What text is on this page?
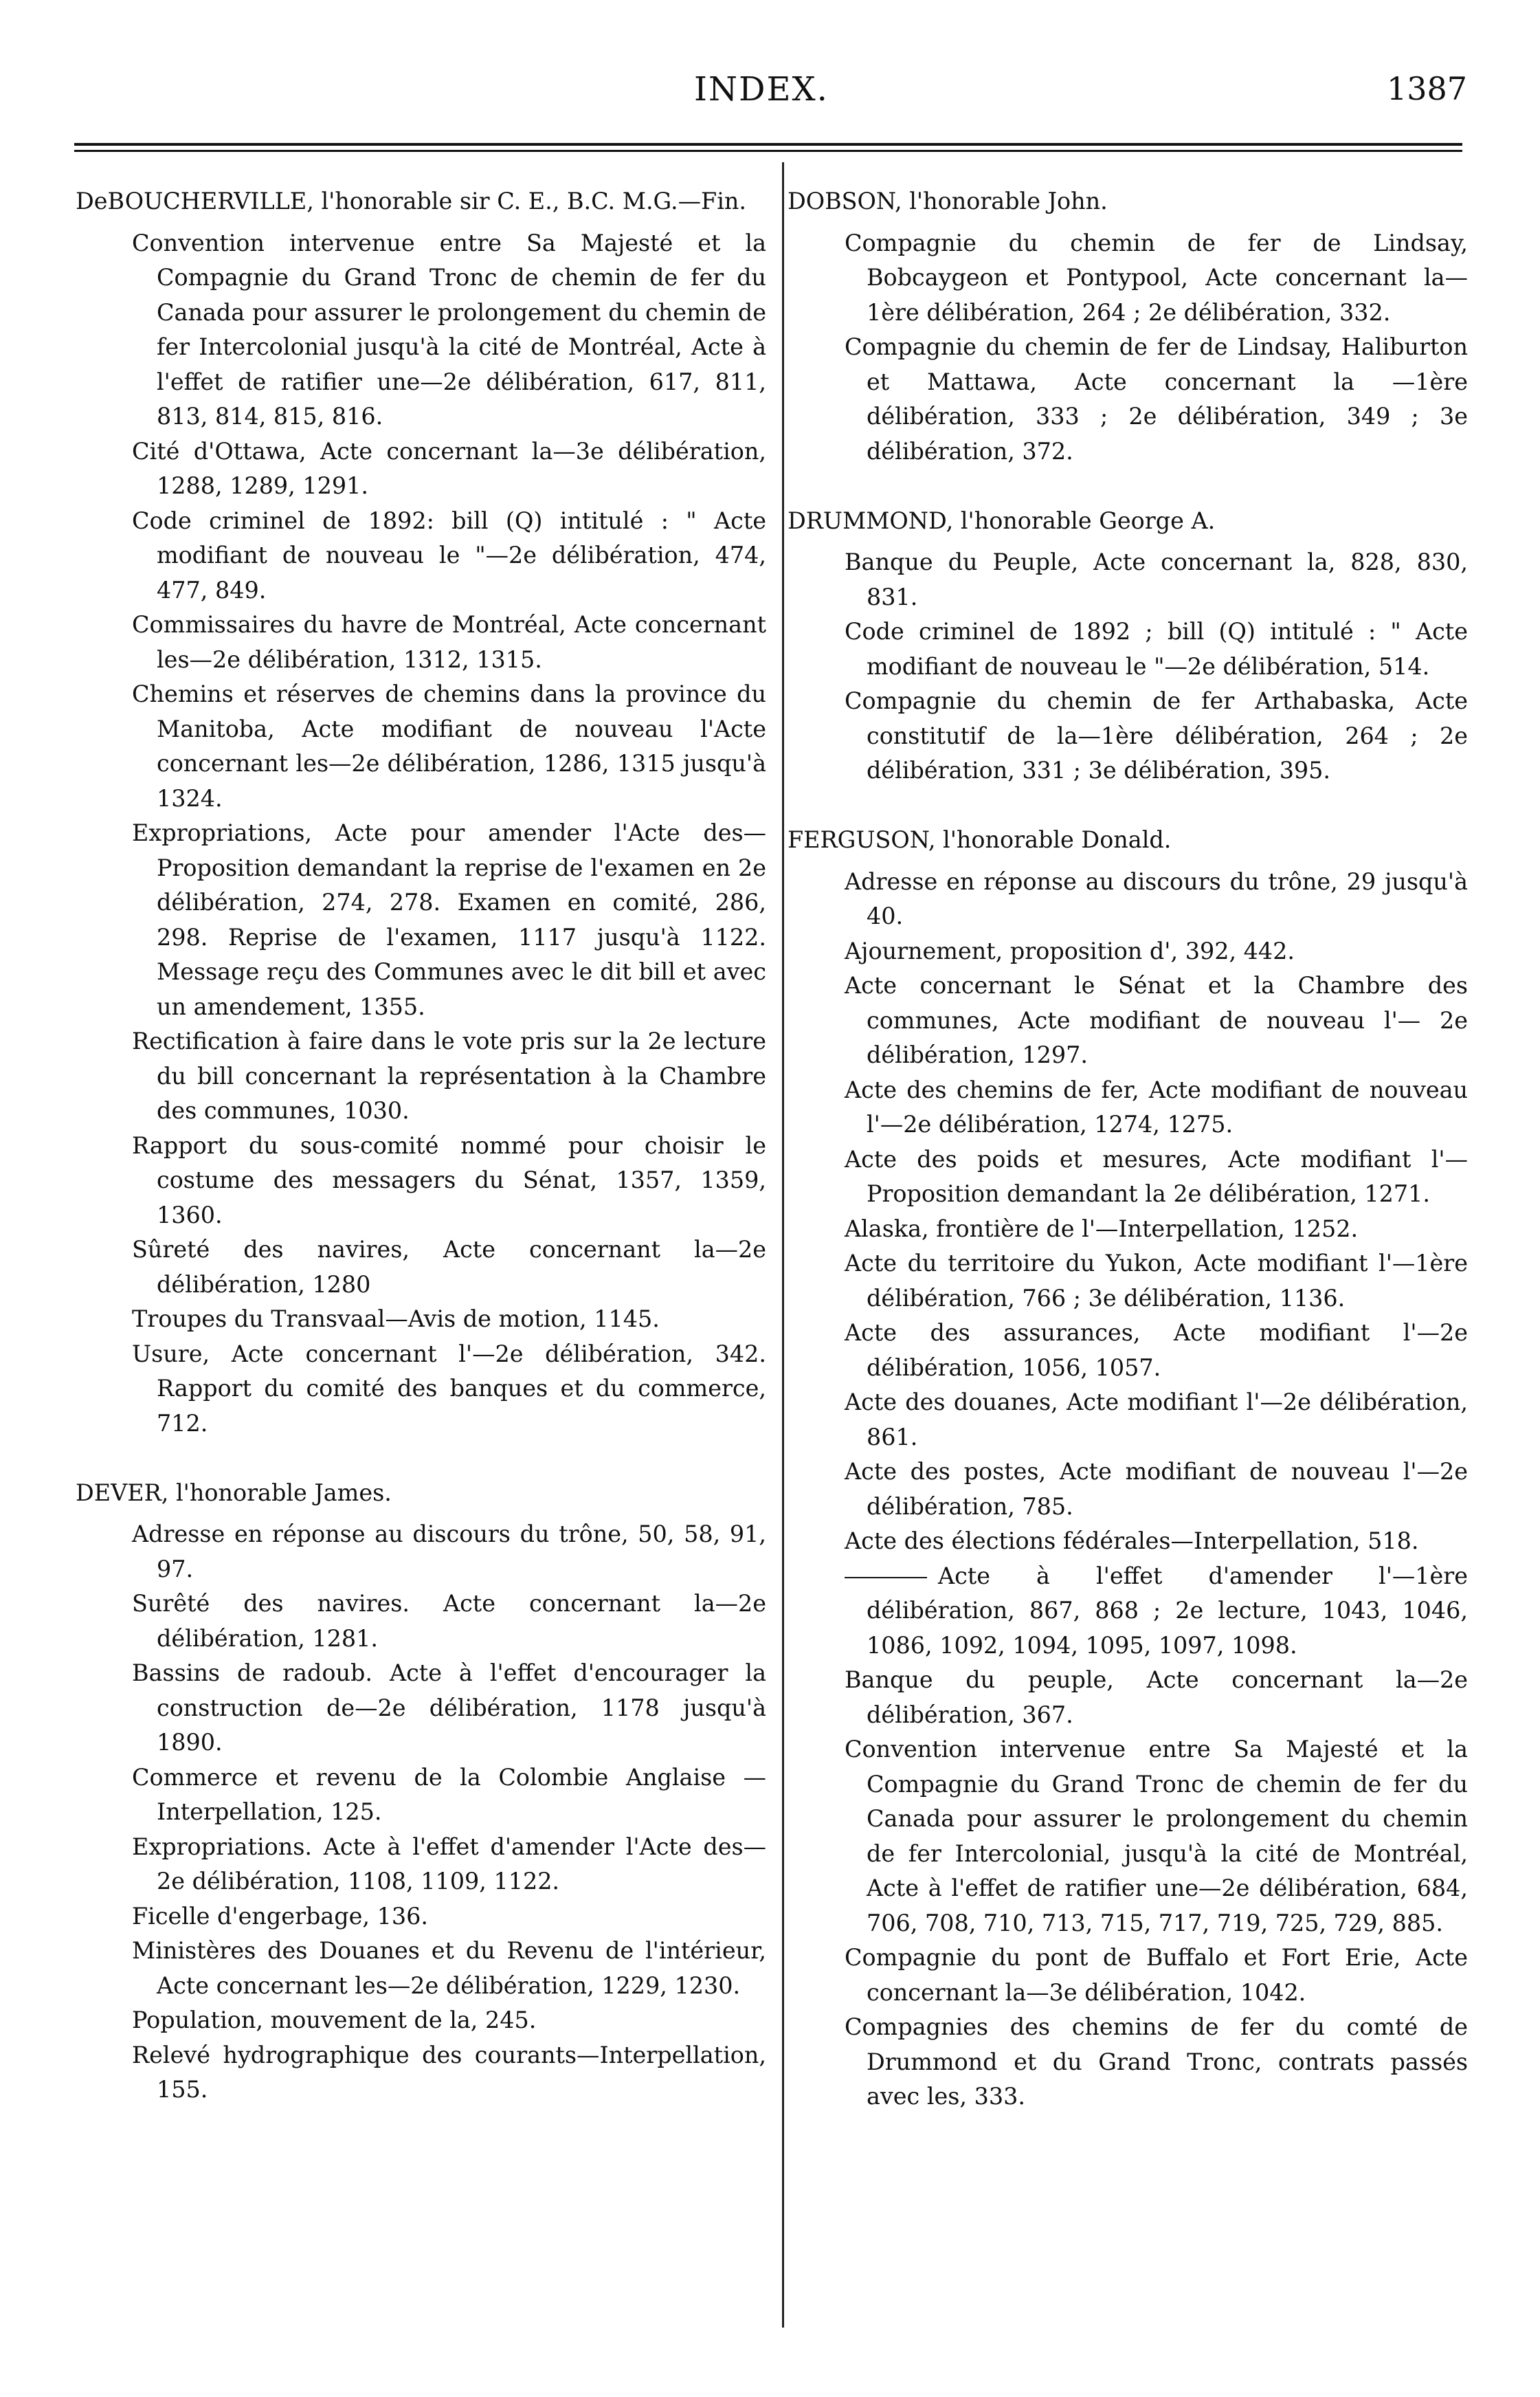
INDEX.	1387

DeBOUCHERVILLE, l'honorable sir C. E., B.C. M.G.—Fin.

Convention intervenue entre Sa Majesté et la Compagnie du Grand Tronc de chemin de fer du Canada pour assurer le prolongement du chemin de fer Intercolonial jusqu'à la cité de Montréal, Acte à l'effet de ratifier une—2e délibération, 617, 811, 813, 814, 815, 816.

Cité d'Ottawa, Acte concernant la—3e délibération, 1288, 1289, 1291.

Code criminel de 1892: bill (Q) intitulé : " Acte modifiant de nouveau le "—2e délibération, 474, 477, 849.

Commissaires du havre de Montréal, Acte concernant les—2e délibération, 1312, 1315.

Chemins et réserves de chemins dans la province du Manitoba, Acte modifiant de nouveau l'Acte concernant les—2e délibération, 1286, 1315 jusqu'à 1324.

Expropriations, Acte pour amender l'Acte des—Proposition demandant la reprise de l'examen en 2e délibération, 274, 278. Examen en comité, 286, 298. Reprise de l'examen, 1117 jusqu'à 1122. Message reçu des Communes avec le dit bill et avec un amendement, 1355.

Rectification à faire dans le vote pris sur la 2e lecture du bill concernant la représentation à la Chambre des communes, 1030.

Rapport du sous-comité nommé pour choisir le costume des messagers du Sénat, 1357, 1359, 1360.

Sûreté des navires, Acte concernant la—2e délibération, 1280

Troupes du Transvaal—Avis de motion, 1145.

Usure, Acte concernant l'—2e délibération, 342. Rapport du comité des banques et du commerce, 712.

DEVER, l'honorable James.

Adresse en réponse au discours du trône, 50, 58, 91, 97.

Surêté des navires. Acte concernant la—2e délibération, 1281.

Bassins de radoub. Acte à l'effet d'encourager la construction de—2e délibération, 1178 jusqu'à 1890.

Commerce et revenu de la Colombie Anglaise —Interpellation, 125.

Expropriations. Acte à l'effet d'amender l'Acte des—2e délibération, 1108, 1109, 1122.

Ficelle d'engerbage, 136.

Ministères des Douanes et du Revenu de l'intérieur, Acte concernant les—2e délibération, 1229, 1230.

Population, mouvement de la, 245.

Relevé hydrographique des courants—Interpellation, 155.

DOBSON, l'honorable John.

Compagnie du chemin de fer de Lindsay, Bobcaygeon et Pontypool, Acte concernant la—1ère délibération, 264 ; 2e délibération, 332.

Compagnie du chemin de fer de Lindsay, Haliburton et Mattawa, Acte concernant la —1ère délibération, 333 ; 2e délibération, 349 ; 3e délibération, 372.

DRUMMOND, l'honorable George A.

Banque du Peuple, Acte concernant la, 828, 830, 831.

Code criminel de 1892 ; bill (Q) intitulé : " Acte modifiant de nouveau le "—2e délibération, 514.

Compagnie du chemin de fer Arthabaska, Acte constitutif de la—1ère délibération, 264 ; 2e délibération, 331 ; 3e délibération, 395.

FERGUSON, l'honorable Donald.

Adresse en réponse au discours du trône, 29 jusqu'à 40.

Ajournement, proposition d', 392, 442.

Acte concernant le Sénat et la Chambre des communes, Acte modifiant de nouveau l'— 2e délibération, 1297.

Acte des chemins de fer, Acte modifiant de nouveau l'—2e délibération, 1274, 1275.

Acte des poids et mesures, Acte modifiant l'— Proposition demandant la 2e délibération, 1271.

Alaska, frontière de l'—Interpellation, 1252.

Acte du territoire du Yukon, Acte modifiant l'—1ère délibération, 766 ; 3e délibération, 1136.

Acte des assurances, Acte modifiant l'—2e délibération, 1056, 1057.

Acte des douanes, Acte modifiant l'—2e délibération, 861.

Acte des postes, Acte modifiant de nouveau l'—2e délibération, 785.

Acte des élections fédérales—Interpellation, 518.

Acte à l'effet d'amender l'—1ère délibération, 867, 868 ; 2e lecture, 1043, 1046, 1086, 1092, 1094, 1095, 1097, 1098.

Banque du peuple, Acte concernant la—2e délibération, 367.

Convention intervenue entre Sa Majesté et la Compagnie du Grand Tronc de chemin de fer du Canada pour assurer le prolongement du chemin de fer Intercolonial, jusqu'à la cité de Montréal, Acte à l'effet de ratifier une—2e délibération, 684, 706, 708, 710, 713, 715, 717, 719, 725, 729, 885.

Compagnie du pont de Buffalo et Fort Erie, Acte concernant la—3e délibération, 1042.

Compagnies des chemins de fer du comté de Drummond et du Grand Tronc, contrats passés avec les, 333.
